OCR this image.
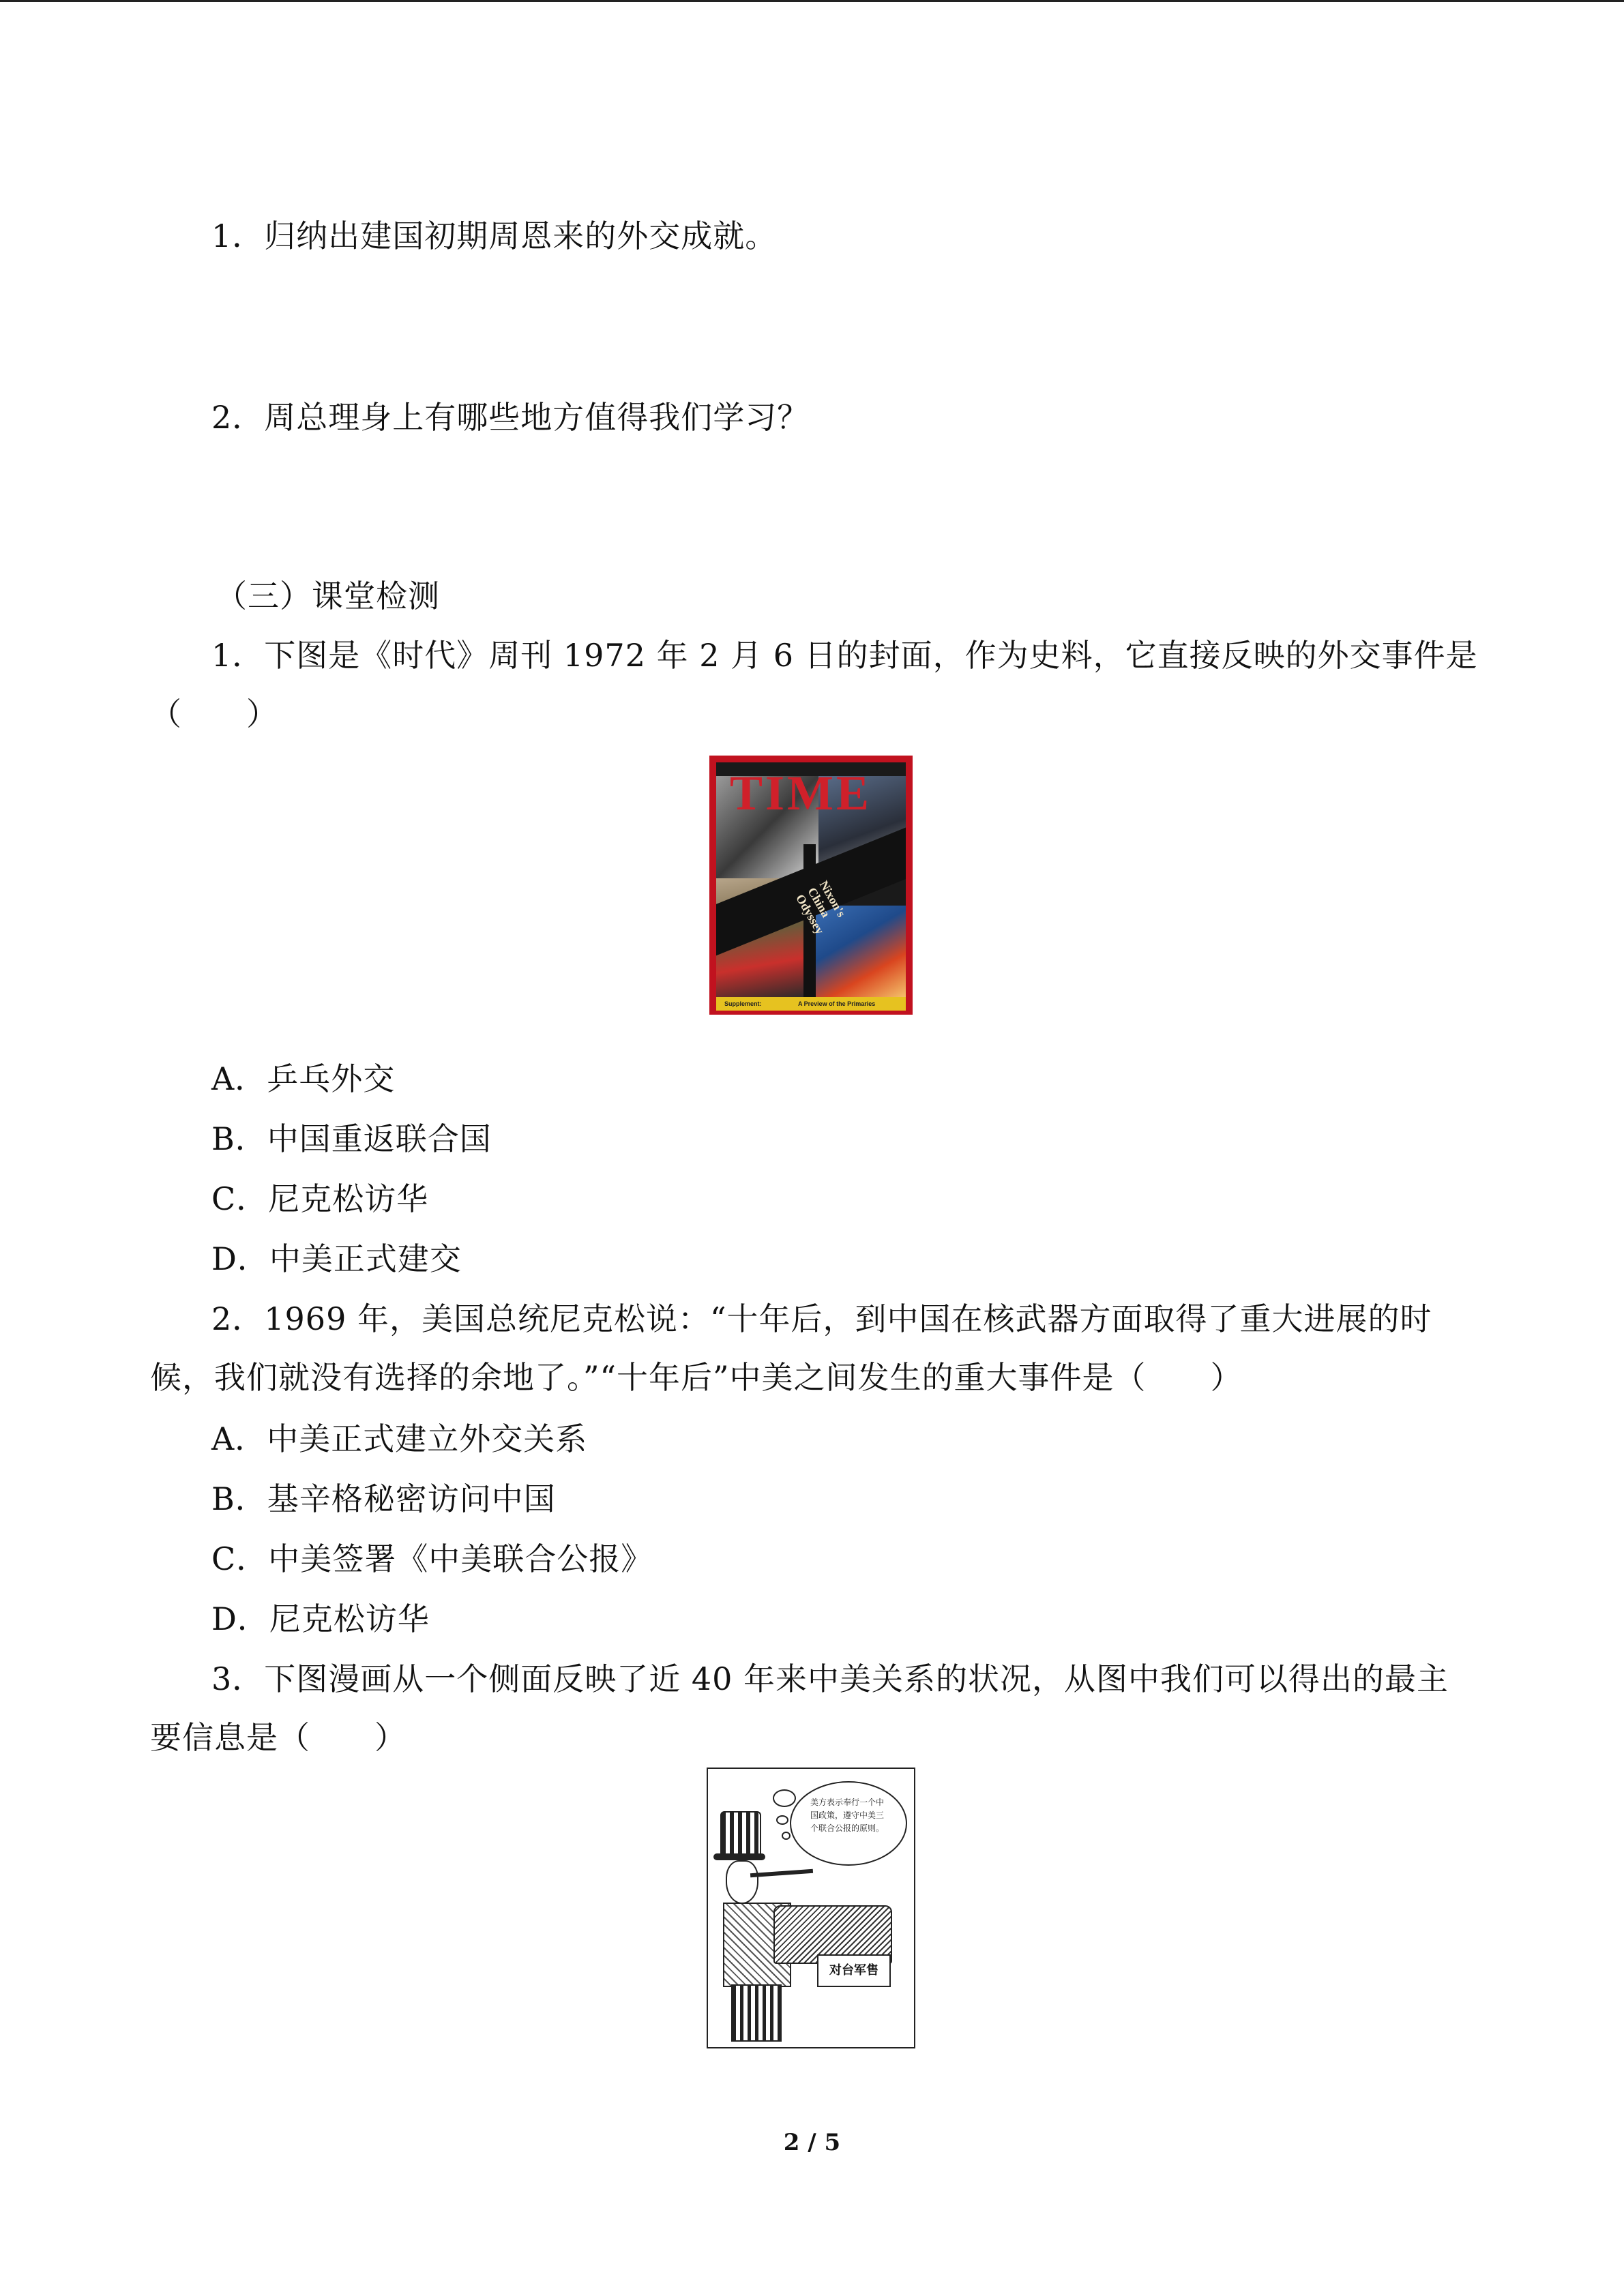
1．归纳出建国初期周恩来的外交成就。
2．周总理身上有哪些地方值得我们学习？
（三）课堂检测
1．下图是《时代》周刊 1972 年 2 月 6 日的封面，作为史料，它直接反映的外交事件是
（　　）
TIME
Nixon's China Odyssey
Supplement:	A Preview of the Primaries
A．乒乓外交
B．中国重返联合国
C．尼克松访华
D．中美正式建交
2．1969 年，美国总统尼克松说：“十年后，到中国在核武器方面取得了重大进展的时
候，我们就没有选择的余地了。”“十年后”中美之间发生的重大事件是（　　）
A．中美正式建立外交关系
B．基辛格秘密访问中国
C．中美签署《中美联合公报》
D．尼克松访华
3．下图漫画从一个侧面反映了近 40 年来中美关系的状况，从图中我们可以得出的最主
要信息是（　　）
美方表示奉行一个中国政策，遵守中美三个联合公报的原则。
对台军售
2 / 5
